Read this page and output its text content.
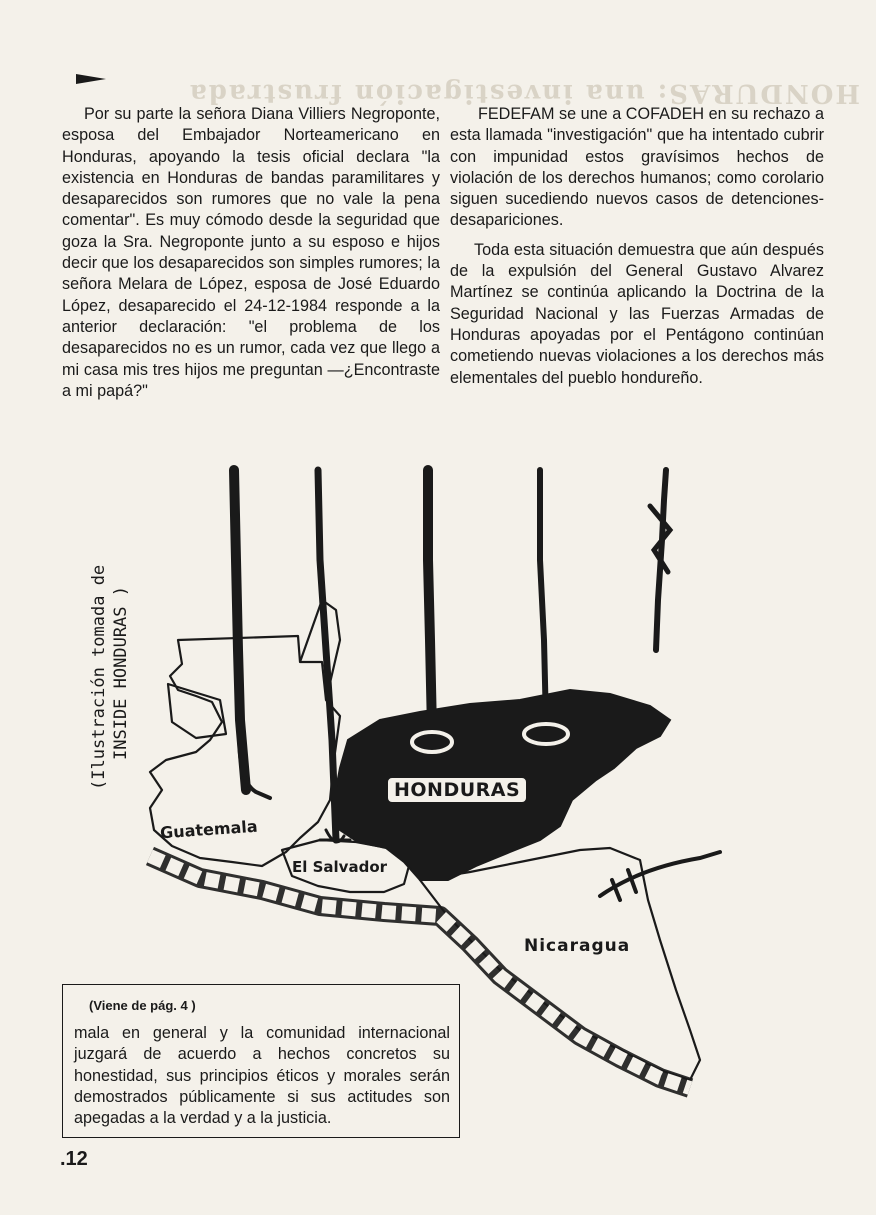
HONDURAS: una investigación frustrada

Por su parte la señora Diana Villiers Negroponte, esposa del Embajador Norteamericano en Honduras, apoyando la tesis oficial declara "la existencia en Honduras de bandas paramilitares y desaparecidos son rumores que no vale la pena comentar". Es muy cómodo desde la seguridad que goza la Sra. Negroponte junto a su esposo e hijos decir que los desaparecidos son simples rumores; la señora Melara de López, esposa de José Eduardo López, desaparecido el 24-12-1984 responde a la anterior declaración: "el problema de los desaparecidos no es un rumor, cada vez que llego a mi casa mis tres hijos me preguntan —¿Encontraste a mi papá?"

FEDEFAM se une a COFADEH en su rechazo a esta llamada "investigación" que ha intentado cubrir con impunidad estos gravísimos hechos de violación de los derechos humanos; como corolario siguen sucediendo nuevos casos de detenciones-desapariciones.

Toda esta situación demuestra que aún después de la expulsión del General Gustavo Alvarez Martínez se continúa aplicando la Doctrina de la Seguridad Nacional y las Fuerzas Armadas de Honduras apoyadas por el Pentágono continúan cometiendo nuevas violaciones a los derechos más elementales del pueblo hondureño.

(Ilustración tomada de INSIDE HONDURAS )
Guatemala
El Salvador
HONDURAS
Nicaragua
(Viene de pág. 4 )
mala en general y la comunidad internacional juzgará de acuerdo a hechos concretos su honestidad, sus principios éticos y morales serán demostrados públicamente si sus actitudes son apegadas a la verdad y a la justicia.
.12
